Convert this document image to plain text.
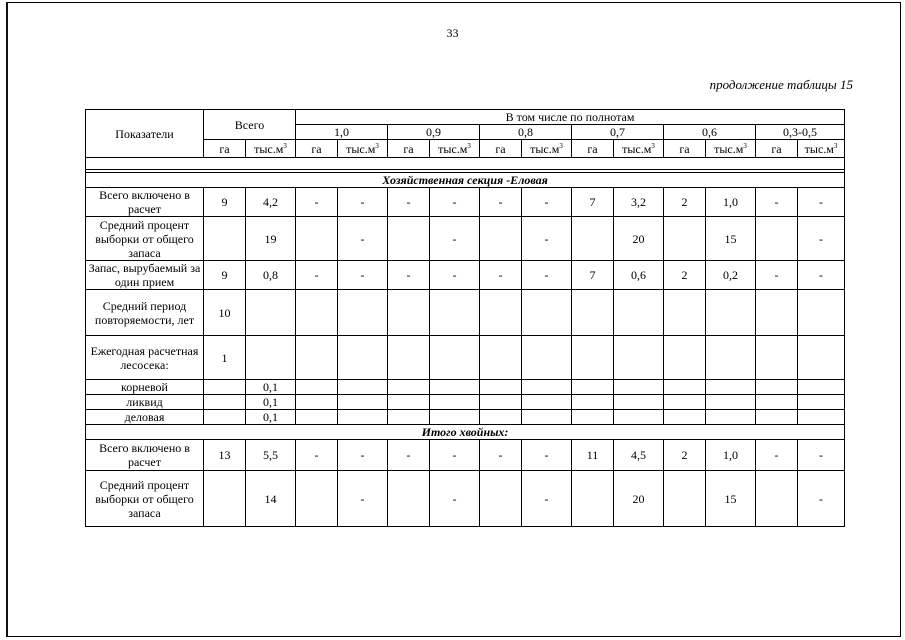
33
продолжение таблицы 15
Показатели	Всего		В том числе по полнотам											
			1,0		0,9		0,8		0,7		0,6		0,3-0,5	
	га	$тыс.м^3$	га	$тыс.м^3$	га	$тыс.м^3$	га	$тыс.м^3$	га	$тыс.м^3$	га	$тыс.м^3$	га	$тыс.м^3$

Хозяйственная секция -Еловая														

Всего включено в расчет	9	4,2	-	-	-	-	-	-	7	3,2	2	1,0	-	-

Средний процент выборки от общего запаса		19		-		-		-		20		15		-

Запас, вырубаемый за один прием	9	0,8	-	-	-	-	-	-	7	0,6	2	0,2	-	-

Средний период повторяемости, лет	10													

Ежегодная расчетная лесосека:	1													

корневой		0,1												

ликвид		0,1												

деловая		0,1												
Итого хвойных:														

Всего включено в расчет	13	5,5	-	-	-	-	-	-	11	4,5	2	1,0	-	-

Средний процент выборки от общего запаса		14		-		-		-		20		15		-
